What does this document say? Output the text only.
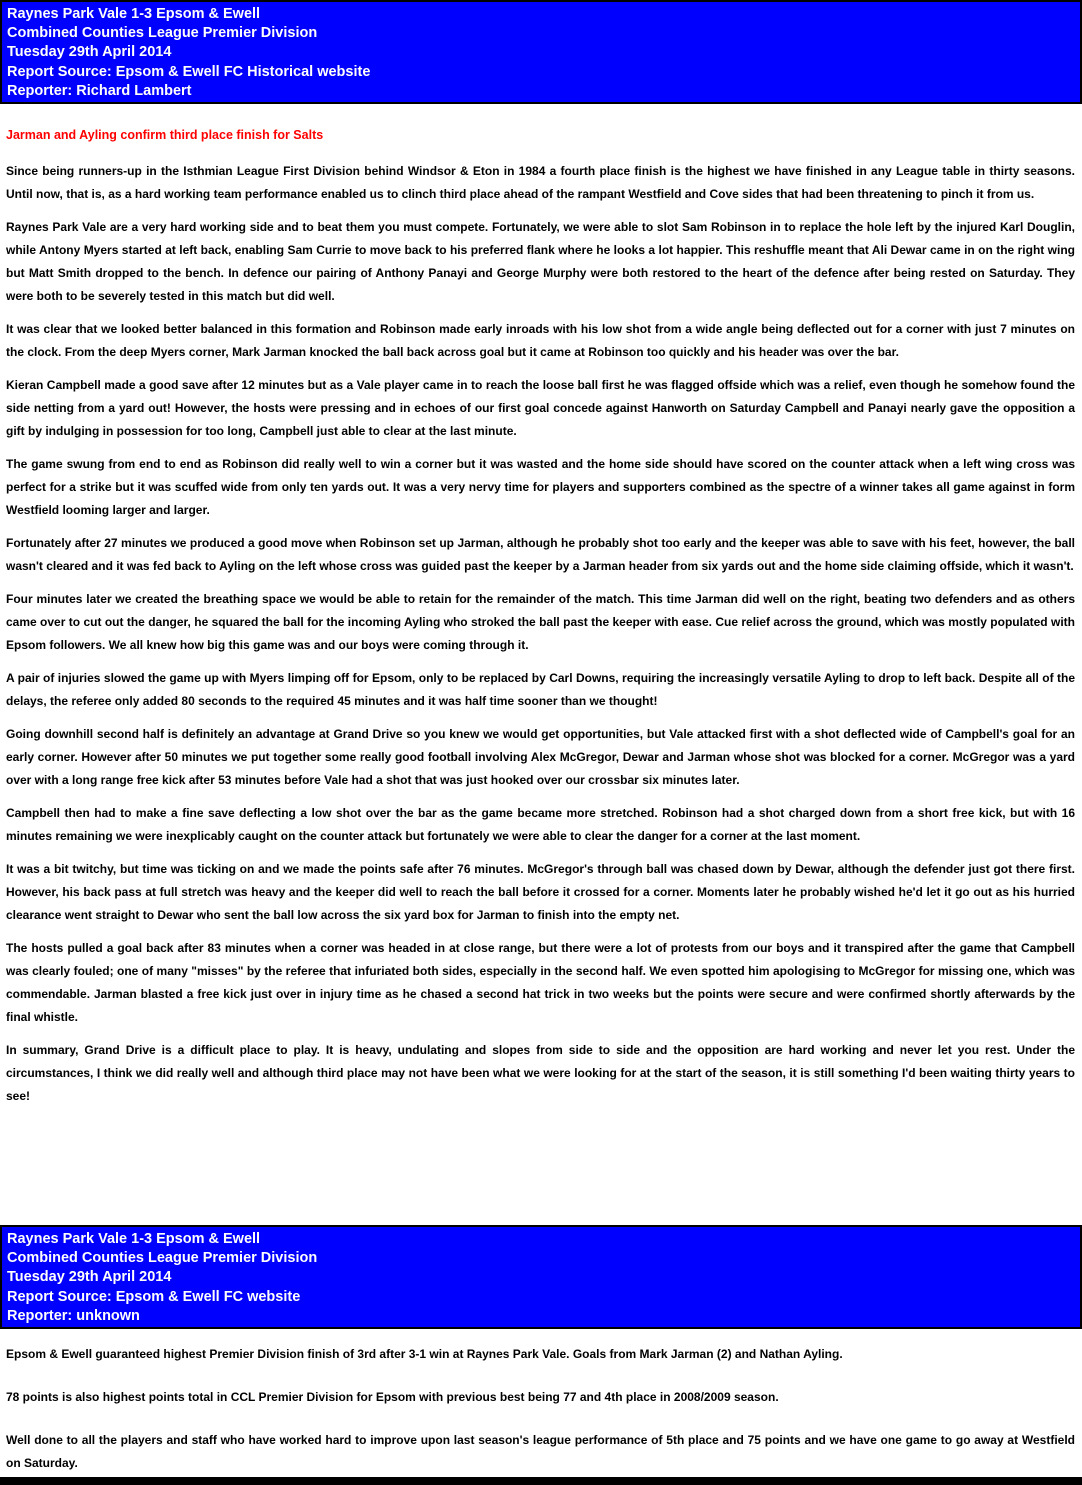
Raynes Park Vale 1-3 Epsom & Ewell
Combined Counties League Premier Division
Tuesday 29th April 2014
Report Source: Epsom & Ewell FC Historical website
Reporter: Richard Lambert
Jarman and Ayling confirm third place finish for Salts

Since being runners-up in the Isthmian League First Division behind Windsor & Eton in 1984 a fourth place finish is the highest we have finished in any League table in thirty seasons. Until now, that is, as a hard working team performance enabled us to clinch third place ahead of the rampant Westfield and Cove sides that had been threatening to pinch it from us.

Raynes Park Vale are a very hard working side and to beat them you must compete. Fortunately, we were able to slot Sam Robinson in to replace the hole left by the injured Karl Douglin, while Antony Myers started at left back, enabling Sam Currie to move back to his preferred flank where he looks a lot happier. This reshuffle meant that Ali Dewar came in on the right wing but Matt Smith dropped to the bench. In defence our pairing of Anthony Panayi and George Murphy were both restored to the heart of the defence after being rested on Saturday. They were both to be severely tested in this match but did well.

It was clear that we looked better balanced in this formation and Robinson made early inroads with his low shot from a wide angle being deflected out for a corner with just 7 minutes on the clock. From the deep Myers corner, Mark Jarman knocked the ball back across goal but it came at Robinson too quickly and his header was over the bar.

Kieran Campbell made a good save after 12 minutes but as a Vale player came in to reach the loose ball first he was flagged offside which was a relief, even though he somehow found the side netting from a yard out! However, the hosts were pressing and in echoes of our first goal concede against Hanworth on Saturday Campbell and Panayi nearly gave the opposition a gift by indulging in possession for too long, Campbell just able to clear at the last minute.

The game swung from end to end as Robinson did really well to win a corner but it was wasted and the home side should have scored on the counter attack when a left wing cross was perfect for a strike but it was scuffed wide from only ten yards out. It was a very nervy time for players and supporters combined as the spectre of a winner takes all game against in form Westfield looming larger and larger.

Fortunately after 27 minutes we produced a good move when Robinson set up Jarman, although he probably shot too early and the keeper was able to save with his feet, however, the ball wasn't cleared and it was fed back to Ayling on the left whose cross was guided past the keeper by a Jarman header from six yards out and the home side claiming offside, which it wasn't.

Four minutes later we created the breathing space we would be able to retain for the remainder of the match. This time Jarman did well on the right, beating two defenders and as others came over to cut out the danger, he squared the ball for the incoming Ayling who stroked the ball past the keeper with ease. Cue relief across the ground, which was mostly populated with Epsom followers. We all knew how big this game was and our boys were coming through it.

A pair of injuries slowed the game up with Myers limping off for Epsom, only to be replaced by Carl Downs, requiring the increasingly versatile Ayling to drop to left back. Despite all of the delays, the referee only added 80 seconds to the required 45 minutes and it was half time sooner than we thought!

Going downhill second half is definitely an advantage at Grand Drive so you knew we would get opportunities, but Vale attacked first with a shot deflected wide of Campbell's goal for an early corner. However after 50 minutes we put together some really good football involving Alex McGregor, Dewar and Jarman whose shot was blocked for a corner. McGregor was a yard over with a long range free kick after 53 minutes before Vale had a shot that was just hooked over our crossbar six minutes later.

Campbell then had to make a fine save deflecting a low shot over the bar as the game became more stretched. Robinson had a shot charged down from a short free kick, but with 16 minutes remaining we were inexplicably caught on the counter attack but fortunately we were able to clear the danger for a corner at the last moment.

It was a bit twitchy, but time was ticking on and we made the points safe after 76 minutes. McGregor's through ball was chased down by Dewar, although the defender just got there first. However, his back pass at full stretch was heavy and the keeper did well to reach the ball before it crossed for a corner. Moments later he probably wished he'd let it go out as his hurried clearance went straight to Dewar who sent the ball low across the six yard box for Jarman to finish into the empty net.

The hosts pulled a goal back after 83 minutes when a corner was headed in at close range, but there were a lot of protests from our boys and it transpired after the game that Campbell was clearly fouled; one of many "misses" by the referee that infuriated both sides, especially in the second half. We even spotted him apologising to McGregor for missing one, which was commendable. Jarman blasted a free kick just over in injury time as he chased a second hat trick in two weeks but the points were secure and were confirmed shortly afterwards by the final whistle.

In summary, Grand Drive is a difficult place to play. It is heavy, undulating and slopes from side to side and the opposition are hard working and never let you rest. Under the circumstances, I think we did really well and although third place may not have been what we were looking for at the start of the season, it is still something I'd been waiting thirty years to see!

Raynes Park Vale 1-3 Epsom & Ewell
Combined Counties League Premier Division
Tuesday 29th April 2014
Report Source: Epsom & Ewell FC website
Reporter: unknown

Epsom & Ewell guaranteed highest Premier Division finish of 3rd after 3-1 win at Raynes Park Vale. Goals from Mark Jarman (2) and Nathan Ayling.

78 points is also highest points total in CCL Premier Division for Epsom with previous best being 77 and 4th place in 2008/2009 season.

Well done to all the players and staff who have worked hard to improve upon last season's league performance of 5th place and 75 points and we have one game to go away at Westfield on Saturday.
